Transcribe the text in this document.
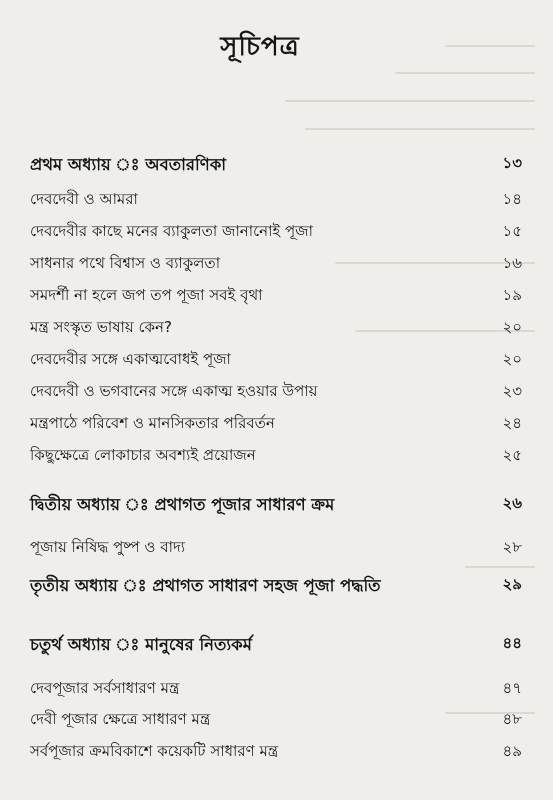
সূচিপত্র
প্রথম অধ্যায় ঃ অবতারণিকা	১৩
দেবদেবী ও আমরা	১৪
দেবদেবীর কাছে মনের ব্যাকুলতা জানানোই পূজা	১৫
সাধনার পথে বিশ্বাস ও ব্যাকুলতা	১৬
সমদর্শী না হলে জপ তপ পূজা সবই বৃথা	১৯
মন্ত্র সংস্কৃত ভাষায় কেন?	২০
দেবদেবীর সঙ্গে একাত্মবোধই পূজা	২০
দেবদেবী ও ভগবানের সঙ্গে একাত্ম হওয়ার উপায়	২৩
মন্ত্রপাঠে পরিবেশ ও মানসিকতার পরিবর্তন	২৪
কিছুক্ষেত্রে লোকাচার অবশ্যই প্রয়োজন	২৫
দ্বিতীয় অধ্যায় ঃ প্রথাগত পূজার সাধারণ ক্রম	২৬
পূজায় নিষিদ্ধ পুষ্প ও বাদ্য	২৮
তৃতীয় অধ্যায় ঃ প্রথাগত সাধারণ সহজ পূজা পদ্ধতি	২৯
চতুর্থ অধ্যায় ঃ মানুষের নিত্যকর্ম	৪৪
দেবপূজার সর্বসাধারণ মন্ত্র	৪৭
দেবী পূজার ক্ষেত্রে সাধারণ মন্ত্র	৪৮
সর্বপূজার ক্রমবিকাশে কয়েকটি সাধারণ মন্ত্র	৪৯
